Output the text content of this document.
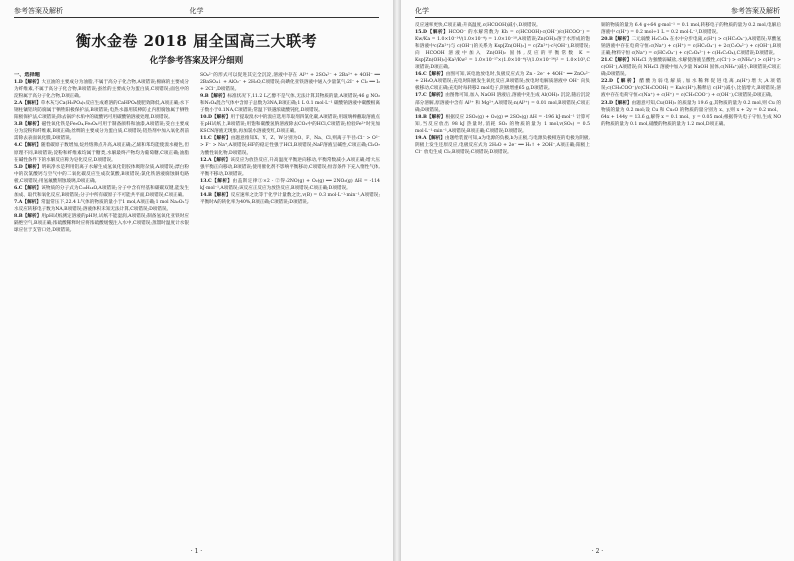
参考答案及解析	化学
衡水金卷 2018 届全国高三大联考
化学参考答案及评分细则

一、选择题

1.D【解析】大豆油的主要成分为油脂,不属于高分子化合物,A项错误;棉麻的主要成分为纤维素,不属于高分子化合物,B项错误;蚕丝的主要成分为蛋白质,C项错误;面包中的淀粉属于高分子化合物,D项正确。

2.A【解析】草木灰与Ca(H₂PO₄)₂反应生成难溶的CaHPO₄使肥效降低,A项正确;水下钢柱镶铝块防腐属于牺牲阳极保护法,B项错误;电热水器用镁棒防止内胆腐蚀属于牺牲阳极保护法,C项错误;除去锅炉水垢中的硫酸钙可用碳酸钠溶液处理,D项错误。

3.B【解析】磁性氧化铁是Fe₃O₄,Fe₃O₄可用于制备颜料和油漆,A项错误;茭白主要成分为淀粉和纤维素,B项正确;丝绸的主要成分为蛋白质,C项错误;铝热剂中加入氧化剂前需除去表面氧化膜,D项错误。

4.C【解析】随着碳原子数增加,烷烃熔沸点升高,A项正确;乙烯和苯均能使溴水褪色,但原理不同,B项错误;淀粉和纤维素均属于糖类,水解最终产物均为葡萄糖,C项正确;油脂在碱性条件下的水解反应称为皂化反应,D项错误。

5.D【解析】明矾净水是利用铝离子水解生成氢氧化铝胶体吸附杂质,A项错误;漂白粉中的次氯酸钙与空气中的二氧化碳反应生成次氯酸,B项错误;氯化铁溶液腐蚀铜电路板,C项错误;用氢氟酸刻蚀玻璃,D项正确。

6.C【解析】该物质的分子式为C₁₀H₁₄O,A项错误;分子中含有羟基和碳碳双键,能发生加成、取代和氧化反应,B项错误;分子中所有碳原子不可能共平面,D项错误;C项正确。

7.A【解析】常温常压下,22.4 L气体的物质的量小于1 mol,A项正确;1 mol Na₂O₂与水反应转移电子数为NA,B项错误;溶液体积未知无法计算,C项错误;D项错误。

8.B【解析】用pH试纸测定溶液的pH时,试纸不能湿润,A项错误;制备氢氧化亚铁时应隔绝空气,B项正确;浓硫酸稀释时应将浓硫酸缓慢注入水中,C项错误;蒸馏时温度计水银球应位于支管口处,D项错误。

SO₄²⁻的形式可以促进其完全沉淀,溶液中存在 Al³⁺ + 2SO₄²⁻ + 2Ba²⁺ + 4OH⁻ ══ 2BaSO₄↓ + AlO₂⁻ + 2H₂O,C项错误;向碘化亚铁溶液中通入少量氯气:2I⁻ + Cl₂ ══ I₂ + 2Cl⁻,D项错误。

9.B【解析】标准状况下,11.2 L乙醇不是气体,无法计算其物质的量,A项错误;46 g NO₂和N₂O₄混合气体中含原子总数为3NA,B项正确;1 L 0.1 mol·L⁻¹ 碳酸钠溶液中碳酸根离子数小于0.1NA,C项错误;常温下铁遇浓硫酸钝化,D项错误。

10.D【解析】用于提取溴水中的溴应选用萃取剂四氯化碳,A项错误;用玻璃棒蘸取溶液点在pH试纸上,B项错误;用饱和碳酸氢钠溶液除去CO₂中的HCl,C项错误;检验Fe²⁺时先加KSCN溶液无现象,再加氯水溶液变红,D项正确。

11.C【解析】由题意推知X、Y、Z、W分别为O、F、Na、Cl,则离子半径:Cl⁻ > O²⁻ > F⁻ > Na⁺,A项错误;HF的稳定性强于HCl,B项错误;NaF溶液呈碱性,C项正确;Cl₂O₇为酸性氧化物,D项错误。

12.A【解析】该反应为放热反应,升高温度平衡逆向移动,平衡常数减小,A项正确;增大压强平衡正向移动,B项错误;使用催化剂不影响平衡移动,C项错误;恒容条件下充入惰性气体,平衡不移动,D项错误。

13.C【解析】由盖斯定律①×2 - ②得:2NO(g) + O₂(g) ══ 2NO₂(g) ΔH = -114 kJ·mol⁻¹,A项错误;该反应正反应为放热反应,B项错误;C项正确;D项错误。

14.B【解析】反应速率之比等于化学计量数之比,v(B) = 0.3 mol·L⁻¹·min⁻¹,A项错误;平衡时A的转化率为40%,B项正确;C项错误;D项错误。

· 1 ·
化学	参考答案及解析

反应速率更快,C项正确;升高温度,c(HCOOH)减小,D项错误。

15.D【解析】HCOO⁻ 的水解常数为 Kh = c(HCOOH)·c(OH⁻)/c(HCOO⁻) = Kw/Ka = 1.0×10⁻¹⁴/(1.0×10⁻⁴) = 1.0×10⁻¹⁰,A项错误;Zn(OH)₂溶于水形成的饱和溶液中c(Zn²⁺)与 c(OH⁻)的关系为 Ksp[Zn(OH)₂] = c(Zn²⁺)·c²(OH⁻),B项错误;向 HCOOH 溶液中加入 Zn(OH)₂ 固体,反应的平衡常数 K = Ksp[Zn(OH)₂]·Ka²/Kw² = 1.0×10⁻¹⁷×(1.0×10⁻⁴)²/(1.0×10⁻¹⁴)² = 1.0×10³,C项错误;D项正确。

16.C【解析】由图可知,该电池放电时,负极反应式为 Zn - 2e⁻ + 4OH⁻ ══ ZnO₂²⁻ + 2H₂O,A项错误;充电时阳极发生氧化反应,B项错误;放电时电解质溶液中 OH⁻ 向负极移动,C项正确;充电时每转移2 mol电子,阴极增重65 g,D项错误。

17.C【解析】由图像可知,加入 NaOH 溶液后,溶液中先生成 Al(OH)₃ 沉淀,随后沉淀部分溶解,原溶液中含有 Al³⁺ 和 Mg²⁺,A项错误;n(Al³⁺) = 0.01 mol,B项错误;C项正确;D项错误。

18.B【解析】根据反应 2SO₂(g) + O₂(g) ⇌ 2SO₃(g) ΔH = -196 kJ·mol⁻¹ 计算可知,当反应放出 98 kJ 热量时,消耗 SO₂ 的物质的量为 1 mol,v(SO₂) = 0.5 mol·L⁻¹·min⁻¹,A项错误;B项正确;C项错误;D项错误。

19.A【解析】由题给装置可知,a为电源的负极,b为正极,与电源负极相连的电极为阴极,阴极上发生还原反应,电极反应式为 2H₂O + 2e⁻ ══ H₂↑ + 2OH⁻,A项正确;阳极上 Cl⁻ 放电生成 Cl₂,B项错误;C项错误;D项错误。

铜的物质的量为 6.4 g÷64 g·mol⁻¹ = 0.1 mol,转移电子的物质的量为 0.2 mol,电解后溶液中 c(H⁺) = 0.2 mol÷1 L = 0.2 mol·L⁻¹,D项错误。

20.B【解析】二元弱酸 H₂C₂O₄ 在水中分步电离,c(H⁺) > c(HC₂O₄⁻),A项错误;草酸氢钠溶液中存在电荷守恒:c(Na⁺) + c(H⁺) = c(HC₂O₄⁻) + 2c(C₂O₄²⁻) + c(OH⁻),B项正确;物料守恒 c(Na⁺) = c(HC₂O₄⁻) + c(C₂O₄²⁻) + c(H₂C₂O₄),C项错误;D项错误。

21.C【解析】NH₄Cl 为强酸弱碱盐,水解使溶液呈酸性,c(Cl⁻) > c(NH₄⁺) > c(H⁺) > c(OH⁻),A项错误;向 NH₄Cl 溶液中加入少量 NaOH 固体,c(NH₄⁺)减小,B项错误;C项正确;D项错误。

22.D【解析】醋酸为弱电解质,加水稀释促进电离,n(H⁺)增大,A项错误;c(CH₃COO⁻)/c(CH₃COOH) = Ka/c(H⁺),稀释后 c(H⁺)减小,比值增大,B项错误;溶液中存在电荷守恒:c(Na⁺) + c(H⁺) = c(CH₃COO⁻) + c(OH⁻),C项错误;D项正确。

23.D【解析】由题意可知,Cu(OH)₂ 的质量为 19.6 g,其物质的量为 0.2 mol,则 Cu 的物质的量为 0.2 mol;设 Cu 和 Cu₂O 的物质的量分别为 x、y,则 x + 2y = 0.2 mol、64x + 144y = 13.6 g,解得 x = 0.1 mol、y = 0.05 mol;根据得失电子守恒,生成 NO 的物质的量为 0.1 mol,硝酸的物质的量为 1.2 mol,D项正确。

· 2 ·
